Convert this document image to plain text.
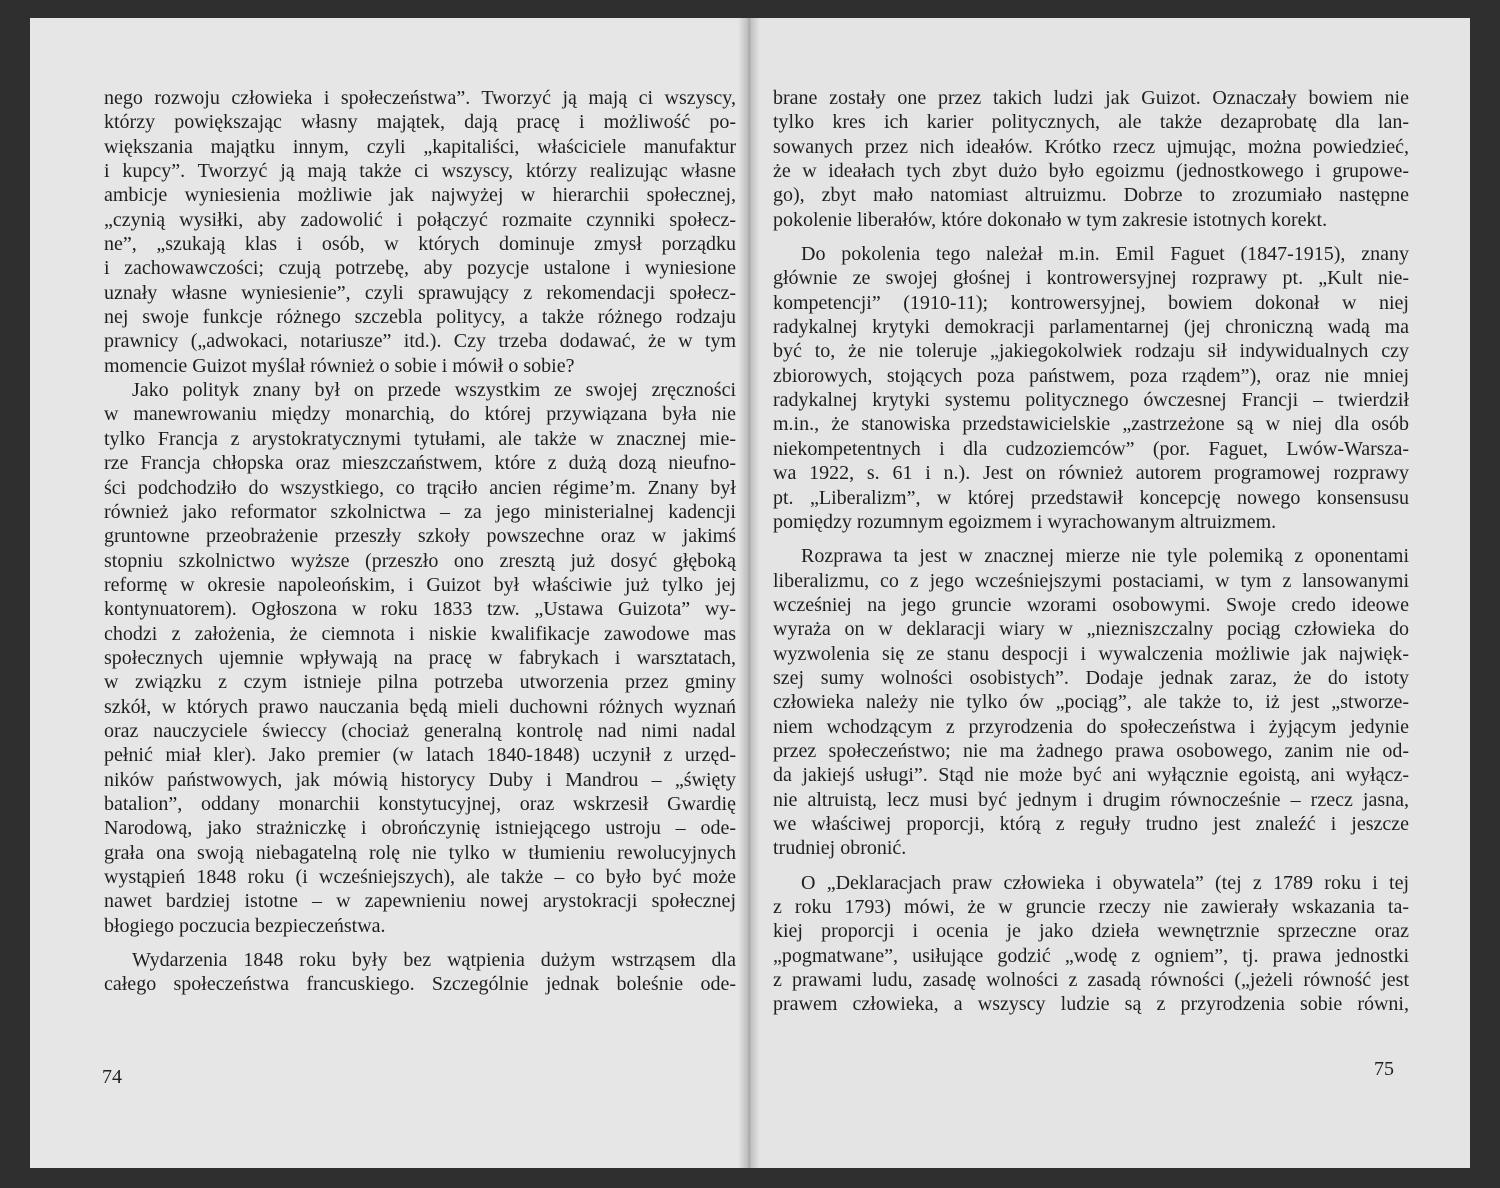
nego rozwoju człowieka i społeczeństwa”. Tworzyć ją mają ci wszyscy,
którzy powiększając własny majątek, dają pracę i możliwość po-
większania majątku innym, czyli „kapitaliści, właściciele manufaktur
i kupcy”. Tworzyć ją mają także ci wszyscy, którzy realizując własne
ambicje wyniesienia możliwie jak najwyżej w hierarchii społecznej,
„czynią wysiłki, aby zadowolić i połączyć rozmaite czynniki społecz-
ne”, „szukają klas i osób, w których dominuje zmysł porządku
i zachowawczości; czują potrzebę, aby pozycje ustalone i wyniesione
uznały własne wyniesienie”, czyli sprawujący z rekomendacji społecz-
nej swoje funkcje różnego szczebla politycy, a także różnego rodzaju
prawnicy („adwokaci, notariusze” itd.). Czy trzeba dodawać, że w tym
momencie Guizot myślał również o sobie i mówił o sobie?
Jako polityk znany był on przede wszystkim ze swojej zręczności
w manewrowaniu między monarchią, do której przywiązana była nie
tylko Francja z arystokratycznymi tytułami, ale także w znacznej mie-
rze Francja chłopska oraz mieszczaństwem, które z dużą dozą nieufno-
ści podchodziło do wszystkiego, co trąciło ancien régime’m. Znany był
również jako reformator szkolnictwa – za jego ministerialnej kadencji
gruntowne przeobrażenie przeszły szkoły powszechne oraz w jakimś
stopniu szkolnictwo wyższe (przeszło ono zresztą już dosyć głęboką
reformę w okresie napoleońskim, i Guizot był właściwie już tylko jej
kontynuatorem). Ogłoszona w roku 1833 tzw. „Ustawa Guizota” wy-
chodzi z założenia, że ciemnota i niskie kwalifikacje zawodowe mas
społecznych ujemnie wpływają na pracę w fabrykach i warsztatach,
w związku z czym istnieje pilna potrzeba utworzenia przez gminy
szkół, w których prawo nauczania będą mieli duchowni różnych wyznań
oraz nauczyciele świeccy (chociaż generalną kontrolę nad nimi nadal
pełnić miał kler). Jako premier (w latach 1840-1848) uczynił z urzęd-
ników państwowych, jak mówią historycy Duby i Mandrou – „święty
batalion”, oddany monarchii konstytucyjnej, oraz wskrzesił Gwardię
Narodową, jako strażniczkę i obrończynię istniejącego ustroju – ode-
grała ona swoją niebagatelną rolę nie tylko w tłumieniu rewolucyjnych
wystąpień 1848 roku (i wcześniejszych), ale także – co było być może
nawet bardziej istotne – w zapewnieniu nowej arystokracji społecznej
błogiego poczucia bezpieczeństwa.
Wydarzenia 1848 roku były bez wątpienia dużym wstrząsem dla
całego społeczeństwa francuskiego. Szczególnie jednak boleśnie ode-
74
brane zostały one przez takich ludzi jak Guizot. Oznaczały bowiem nie
tylko kres ich karier politycznych, ale także dezaprobatę dla lan-
sowanych przez nich ideałów. Krótko rzecz ujmując, można powiedzieć,
że w ideałach tych zbyt dużo było egoizmu (jednostkowego i grupowe-
go), zbyt mało natomiast altruizmu. Dobrze to zrozumiało następne
pokolenie liberałów, które dokonało w tym zakresie istotnych korekt.
Do pokolenia tego należał m.in. Emil Faguet (1847-1915), znany
głównie ze swojej głośnej i kontrowersyjnej rozprawy pt. „Kult nie-
kompetencji” (1910-11); kontrowersyjnej, bowiem dokonał w niej
radykalnej krytyki demokracji parlamentarnej (jej chroniczną wadą ma
być to, że nie toleruje „jakiegokolwiek rodzaju sił indywidualnych czy
zbiorowych, stojących poza państwem, poza rządem”), oraz nie mniej
radykalnej krytyki systemu politycznego ówczesnej Francji – twierdził
m.in., że stanowiska przedstawicielskie „zastrzeżone są w niej dla osób
niekompetentnych i dla cudzoziemców” (por. Faguet, Lwów-Warsza-
wa 1922, s. 61 i n.). Jest on również autorem programowej rozprawy
pt. „Liberalizm”, w której przedstawił koncepcję nowego konsensusu
pomiędzy rozumnym egoizmem i wyrachowanym altruizmem.
Rozprawa ta jest w znacznej mierze nie tyle polemiką z oponentami
liberalizmu, co z jego wcześniejszymi postaciami, w tym z lansowanymi
wcześniej na jego gruncie wzorami osobowymi. Swoje credo ideowe
wyraża on w deklaracji wiary w „niezniszczalny pociąg człowieka do
wyzwolenia się ze stanu despocji i wywalczenia możliwie jak najwięk-
szej sumy wolności osobistych”. Dodaje jednak zaraz, że do istoty
człowieka należy nie tylko ów „pociąg”, ale także to, iż jest „stworze-
niem wchodzącym z przyrodzenia do społeczeństwa i żyjącym jedynie
przez społeczeństwo; nie ma żadnego prawa osobowego, zanim nie od-
da jakiejś usługi”. Stąd nie może być ani wyłącznie egoistą, ani wyłącz-
nie altruistą, lecz musi być jednym i drugim równocześnie – rzecz jasna,
we właściwej proporcji, którą z reguły trudno jest znaleźć i jeszcze
trudniej obronić.
O „Deklaracjach praw człowieka i obywatela” (tej z 1789 roku i tej
z roku 1793) mówi, że w gruncie rzeczy nie zawierały wskazania ta-
kiej proporcji i ocenia je jako dzieła wewnętrznie sprzeczne oraz
„pogmatwane”, usiłujące godzić „wodę z ogniem”, tj. prawa jednostki
z prawami ludu, zasadę wolności z zasadą równości („jeżeli równość jest
prawem człowieka, a wszyscy ludzie są z przyrodzenia sobie równi,
75
